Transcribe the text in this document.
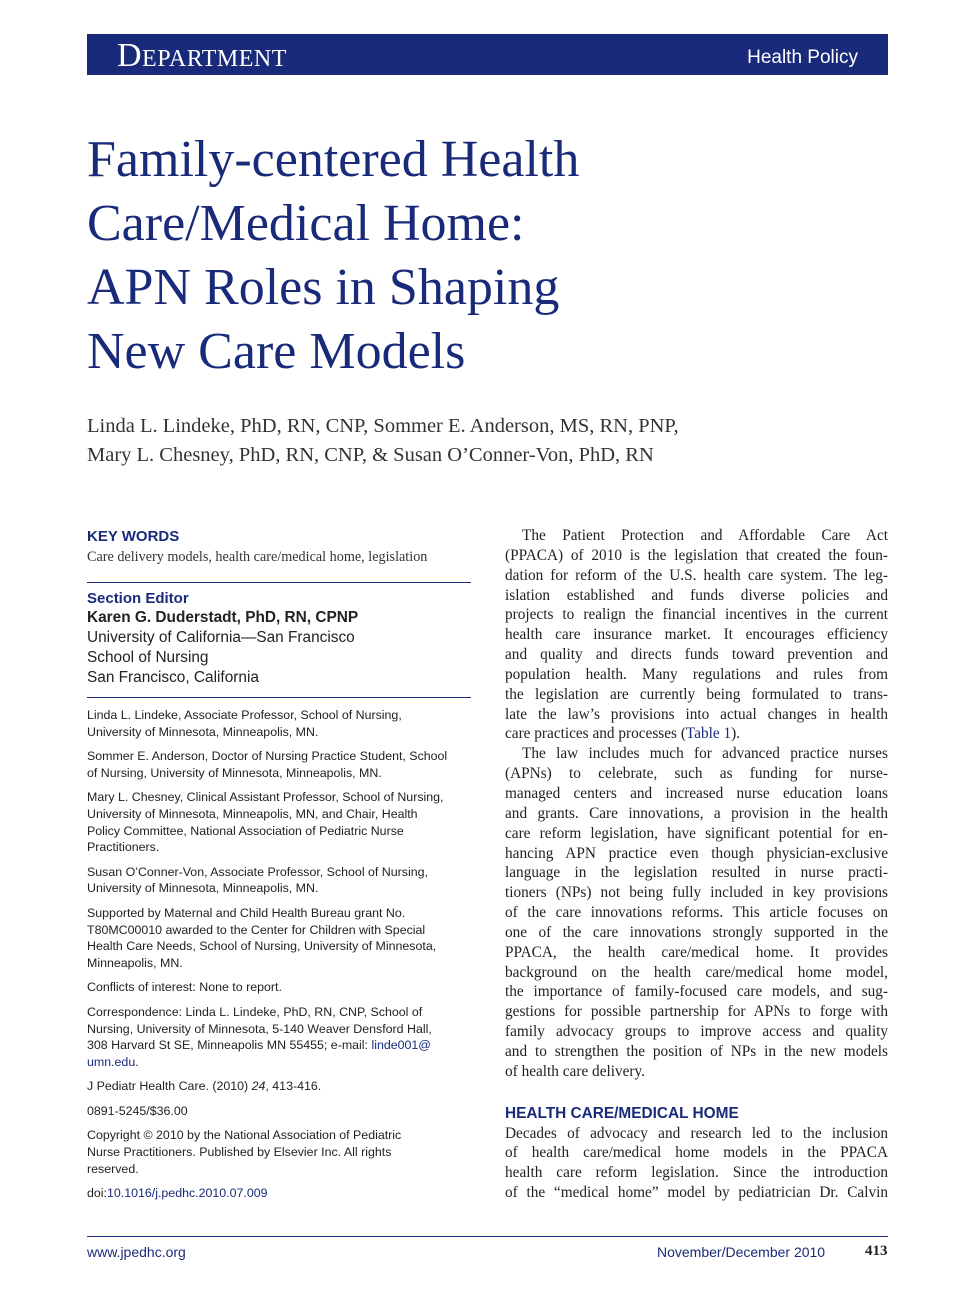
Department	Health Policy
Family-centered Health
Care/Medical Home:
APN Roles in Shaping
New Care Models
Linda L. Lindeke, PhD, RN, CNP, Sommer E. Anderson, MS, RN, PNP,
Mary L. Chesney, PhD, RN, CNP, & Susan O’Conner-Von, PhD, RN
KEY WORDS
Care delivery models, health care/medical home, legislation
Section Editor
Karen G. Duderstadt, PhD, RN, CPNP
University of California—San Francisco
School of Nursing
San Francisco, California

Linda L. Lindeke, Associate Professor, School of Nursing,
University of Minnesota, Minneapolis, MN.

Sommer E. Anderson, Doctor of Nursing Practice Student, School
of Nursing, University of Minnesota, Minneapolis, MN.

Mary L. Chesney, Clinical Assistant Professor, School of Nursing,
University of Minnesota, Minneapolis, MN, and Chair, Health
Policy Committee, National Association of Pediatric Nurse
Practitioners.

Susan O’Conner-Von, Associate Professor, School of Nursing,
University of Minnesota, Minneapolis, MN.

Supported by Maternal and Child Health Bureau grant No.
T80MC00010 awarded to the Center for Children with Special
Health Care Needs, School of Nursing, University of Minnesota,
Minneapolis, MN.

Conflicts of interest: None to report.

Correspondence: Linda L. Lindeke, PhD, RN, CNP, School of
Nursing, University of Minnesota, 5-140 Weaver Densford Hall,
308 Harvard St SE, Minneapolis MN 55455; e-mail: linde001@
umn.edu.

J Pediatr Health Care. (2010) 24, 413-416.

0891-5245/$36.00

Copyright © 2010 by the National Association of Pediatric
Nurse Practitioners. Published by Elsevier Inc. All rights
reserved.

doi:10.1016/j.pedhc.2010.07.009

The Patient Protection and Affordable Care Act
(PPACA) of 2010 is the legislation that created the foun-
dation for reform of the U.S. health care system. The leg-
islation established and funds diverse policies and
projects to realign the financial incentives in the current
health care insurance market. It encourages efficiency
and quality and directs funds toward prevention and
population health. Many regulations and rules from
the legislation are currently being formulated to trans-
late the law’s provisions into actual changes in health
care practices and processes (Table 1).
The law includes much for advanced practice nurses
(APNs) to celebrate, such as funding for nurse-
managed centers and increased nurse education loans
and grants. Care innovations, a provision in the health
care reform legislation, have significant potential for en-
hancing APN practice even though physician-exclusive
language in the legislation resulted in nurse practi-
tioners (NPs) not being fully included in key provisions
of the care innovations reforms. This article focuses on
one of the care innovations strongly supported in the
PPACA, the health care/medical home. It provides
background on the health care/medical home model,
the importance of family-focused care models, and sug-
gestions for possible partnership for APNs to forge with
family advocacy groups to improve access and quality
and to strengthen the position of NPs in the new models
of health care delivery.
HEALTH CARE/MEDICAL HOME
Decades of advocacy and research led to the inclusion
of health care/medical home models in the PPACA
health care reform legislation. Since the introduction
of the “medical home” model by pediatrician Dr. Calvin
www.jpedhc.org	November/December 2010	413
